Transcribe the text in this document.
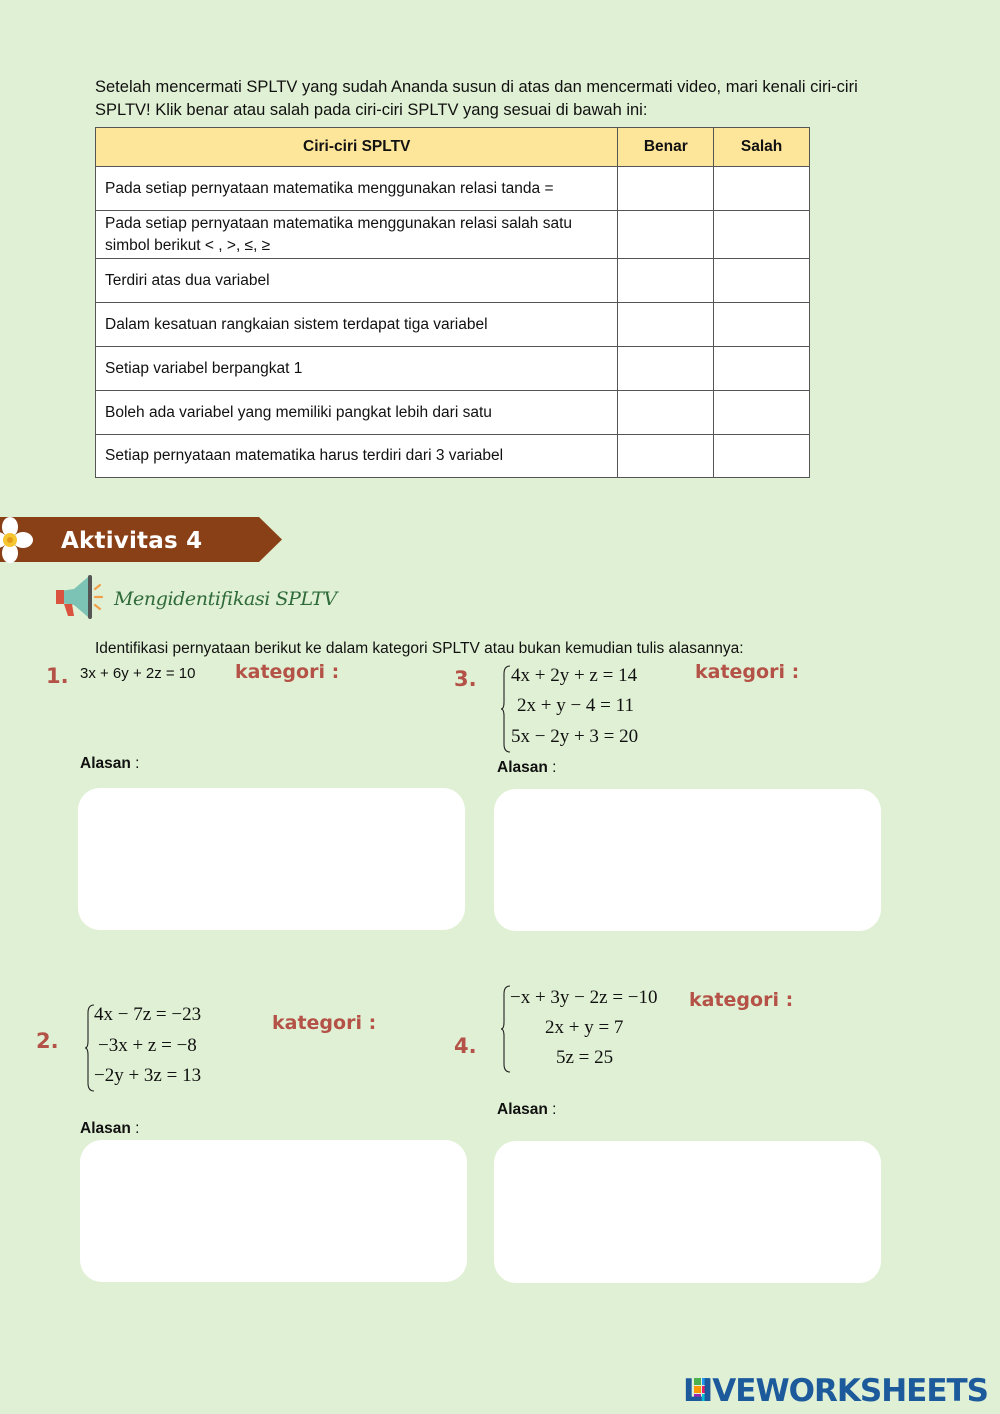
Setelah mencermati SPLTV yang sudah Ananda susun di atas dan mencermati video, mari kenali ciri-ciri SPLTV! Klik benar atau salah pada ciri-ciri SPLTV yang sesuai di bawah ini:
Ciri-ciri SPLTV	Benar	Salah
Pada setiap pernyataan matematika menggunakan relasi tanda =		
Pada setiap pernyataan matematika menggunakan relasi salah satu simbol berikut < , >, ≤, ≥		
Terdiri atas dua variabel		
Dalam kesatuan rangkaian sistem terdapat tiga variabel		
Setiap variabel berpangkat 1		
Boleh ada variabel yang memiliki pangkat lebih dari satu		
Setiap pernyataan matematika harus terdiri dari 3 variabel		
Aktivitas 4
Mengidentifikasi SPLTV
Identifikasi pernyataan berikut ke dalam kategori SPLTV atau bukan kemudian tulis alasannya:
1. 3x + 6y + 2z = 10 kategori :
Alasan :
3. 4x + 2y + z = 14
2x + y − 4 = 11
5x − 2y + 3 = 20
kategori :
Alasan :
2.
4x − 7z = −23
−3x + z = −8
−2y + 3z = 13
kategori :
Alasan :
4.
−x + 3y − 2z = −10
2x + y = 7
5z = 25
kategori :
Alasan :
LIVEWORKSHEETS
